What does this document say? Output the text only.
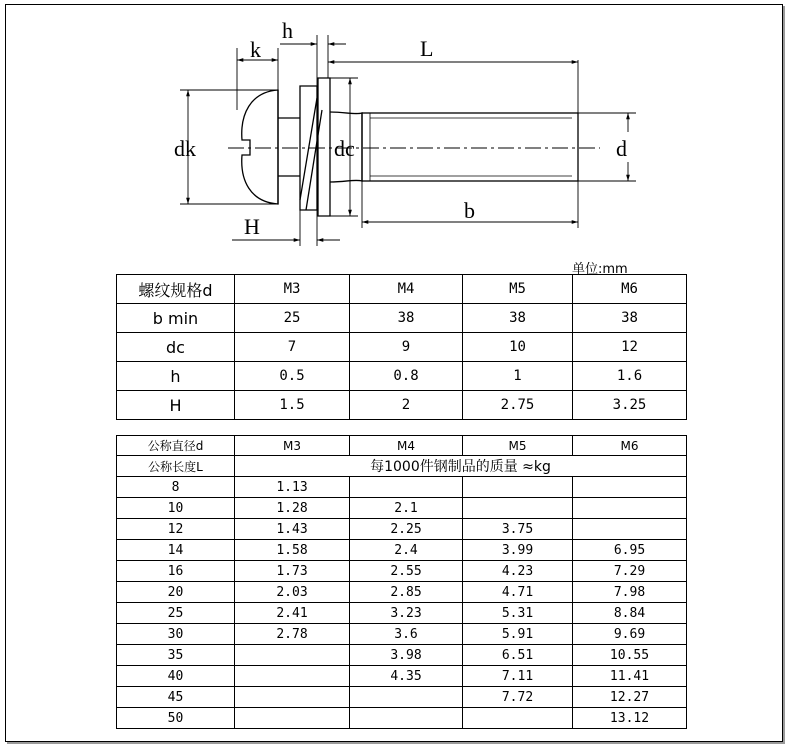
k
h
L
dk	dc	d
b
H
单位:mm
螺纹规格d	M3	M4	M5	M6
b min	25	38	38	38
dc	7	9	10	12
h	0.5	0.8	1	1.6
H	1.5	2	2.75	3.25
公称直径d	M3	M4	M5	M6
公称长度L	每1000件钢制品的质量 ≈kg			
8	1.13			
10	1.28	2.1		
12	1.43	2.25	3.75	
14	1.58	2.4	3.99	6.95
16	1.73	2.55	4.23	7.29
20	2.03	2.85	4.71	7.98
25	2.41	3.23	5.31	8.84
30	2.78	3.6	5.91	9.69
35		3.98	6.51	10.55
40		4.35	7.11	11.41
45			7.72	12.27
50				13.12
